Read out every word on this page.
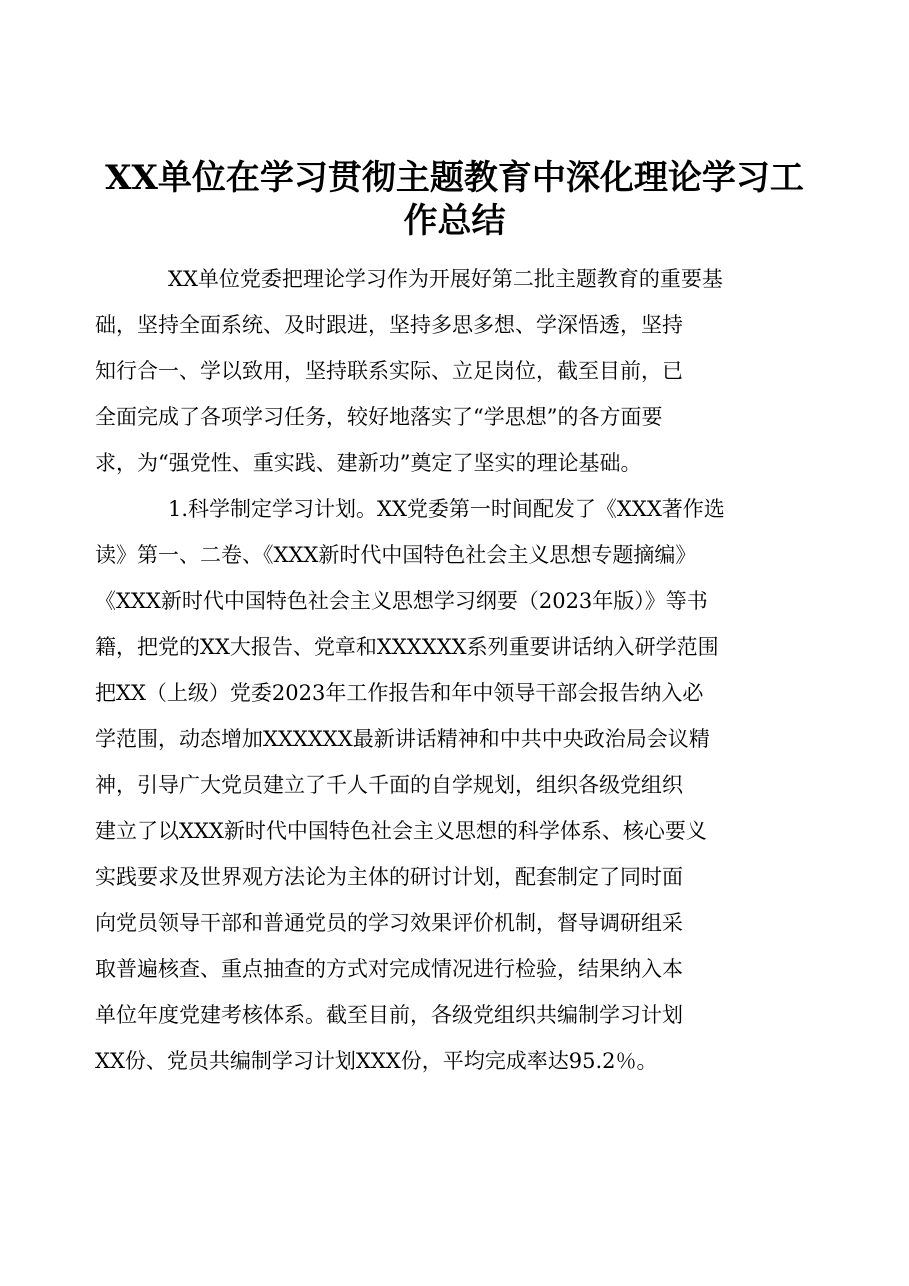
XX单位在学习贯彻主题教育中深化理论学习工
作总结
XX单位党委把理论学习作为开展好第二批主题教育的重要基
础，坚持全面系统、及时跟进，坚持多思多想、学深悟透，坚持
知行合一、学以致用，坚持联系实际、立足岗位，截至目前，已
全面完成了各项学习任务，较好地落实了“学思想”的各方面要
求，为“强党性、重实践、建新功”奠定了坚实的理论基础。
1.科学制定学习计划。XX党委第一时间配发了《XXX著作选
读》第一、二卷、《XXX新时代中国特色社会主义思想专题摘编》
《XXX新时代中国特色社会主义思想学习纲要（2023年版）》等书
籍，把党的XX大报告、党章和XXXXXX系列重要讲话纳入研学范围
把XX（上级）党委2023年工作报告和年中领导干部会报告纳入必
学范围，动态增加XXXXXX最新讲话精神和中共中央政治局会议精
神，引导广大党员建立了千人千面的自学规划，组织各级党组织
建立了以XXX新时代中国特色社会主义思想的科学体系、核心要义
实践要求及世界观方法论为主体的研讨计划，配套制定了同时面
向党员领导干部和普通党员的学习效果评价机制，督导调研组采
取普遍核查、重点抽查的方式对完成情况进行检验，结果纳入本
单位年度党建考核体系。截至目前，各级党组织共编制学习计划
XX份、党员共编制学习计划XXX份，平均完成率达95.2％。
